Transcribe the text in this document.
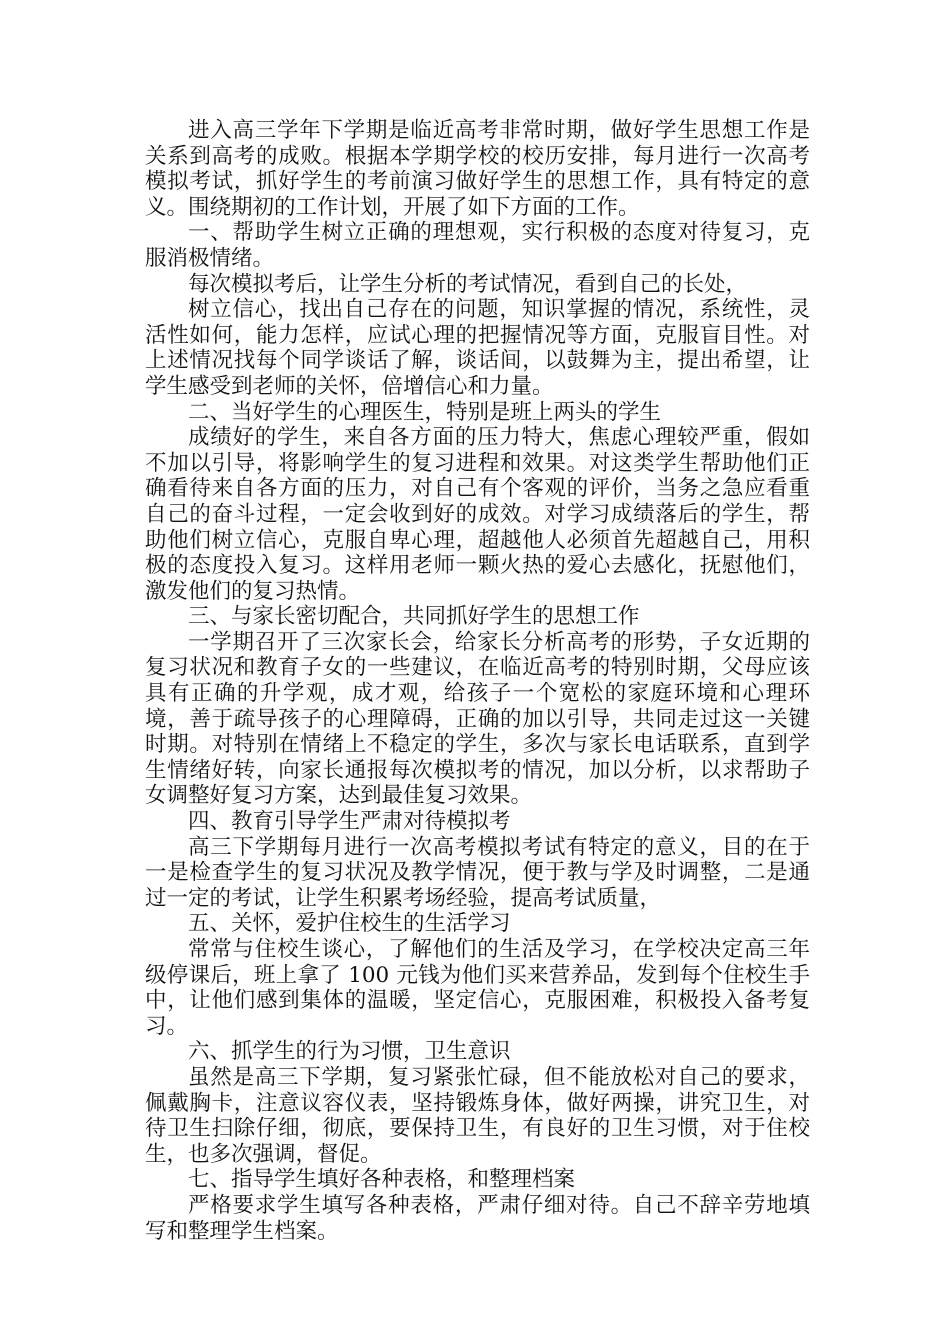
进入高三学年下学期是临近高考非常时期，做好学生思想工作是关系到高考的成败。根据本学期学校的校历安排，每月进行一次高考模拟考试，抓好学生的考前演习做好学生的思想工作，具有特定的意义。围绕期初的工作计划，开展了如下方面的工作。

一、帮助学生树立正确的理想观，实行积极的态度对待复习，克服消极情绪。

每次模拟考后，让学生分析的考试情况，看到自己的长处，

树立信心，找出自己存在的问题，知识掌握的情况，系统性，灵活性如何，能力怎样，应试心理的把握情况等方面，克服盲目性。对上述情况找每个同学谈话了解，谈话间，以鼓舞为主，提出希望，让学生感受到老师的关怀，倍增信心和力量。

二、当好学生的心理医生，特别是班上两头的学生

成绩好的学生，来自各方面的压力特大，焦虑心理较严重，假如不加以引导，将影响学生的复习进程和效果。对这类学生帮助他们正确看待来自各方面的压力，对自己有个客观的评价，当务之急应看重自己的奋斗过程，一定会收到好的成效。对学习成绩落后的学生，帮助他们树立信心，克服自卑心理，超越他人必须首先超越自己，用积极的态度投入复习。这样用老师一颗火热的爱心去感化，抚慰他们，激发他们的复习热情。

三、与家长密切配合，共同抓好学生的思想工作

一学期召开了三次家长会，给家长分析高考的形势，子女近期的复习状况和教育子女的一些建议，在临近高考的特别时期，父母应该具有正确的升学观，成才观，给孩子一个宽松的家庭环境和心理环境，善于疏导孩子的心理障碍，正确的加以引导，共同走过这一关键时期。对特别在情绪上不稳定的学生，多次与家长电话联系，直到学生情绪好转，向家长通报每次模拟考的情况，加以分析，以求帮助子女调整好复习方案，达到最佳复习效果。

四、教育引导学生严肃对待模拟考

高三下学期每月进行一次高考模拟考试有特定的意义，目的在于一是检查学生的复习状况及教学情况，便于教与学及时调整，二是通过一定的考试，让学生积累考场经验，提高考试质量，

五、关怀，爱护住校生的生活学习

常常与住校生谈心，了解他们的生活及学习，在学校决定高三年级停课后，班上拿了 100 元钱为他们买来营养品，发到每个住校生手中，让他们感到集体的温暖，坚定信心，克服困难，积极投入备考复习。

六、抓学生的行为习惯，卫生意识

虽然是高三下学期，复习紧张忙碌，但不能放松对自己的要求，佩戴胸卡，注意议容仪表，坚持锻炼身体，做好两操，讲究卫生，对待卫生扫除仔细，彻底，要保持卫生，有良好的卫生习惯，对于住校生，也多次强调，督促。

七、指导学生填好各种表格，和整理档案

严格要求学生填写各种表格，严肃仔细对待。自己不辞辛劳地填写和整理学生档案。
